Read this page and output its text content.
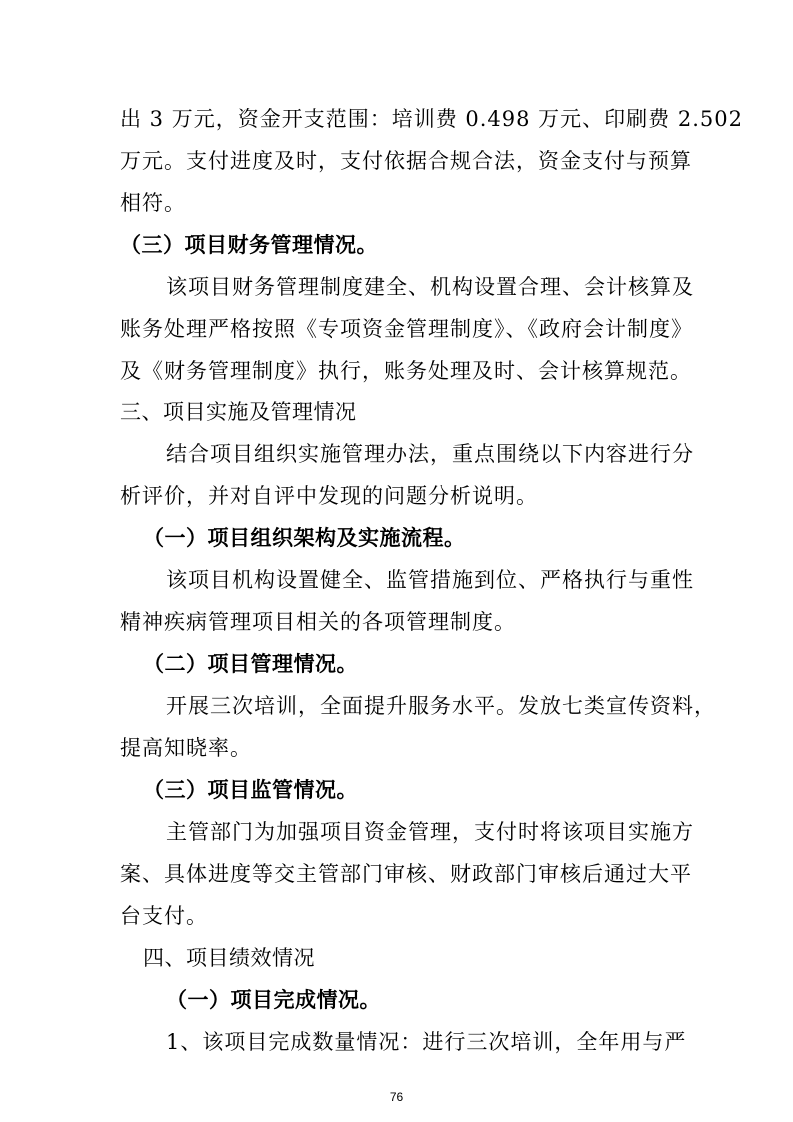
出 3 万元，资金开支范围：培训费 0.498 万元、印刷费 2.502
万元。支付进度及时，支付依据合规合法，资金支付与预算
相符。
（三）项目财务管理情况。
该项目财务管理制度建全、机构设置合理、会计核算及
账务处理严格按照《专项资金管理制度》、《政府会计制度》
及《财务管理制度》执行，账务处理及时、会计核算规范。
三、项目实施及管理情况
结合项目组织实施管理办法，重点围绕以下内容进行分
析评价，并对自评中发现的问题分析说明。
（一）项目组织架构及实施流程。
该项目机构设置健全、监管措施到位、严格执行与重性
精神疾病管理项目相关的各项管理制度。
（二）项目管理情况。
开展三次培训，全面提升服务水平。发放七类宣传资料，
提高知晓率。
（三）项目监管情况。
主管部门为加强项目资金管理，支付时将该项目实施方
案、具体进度等交主管部门审核、财政部门审核后通过大平
台支付。
四、项目绩效情况
（一）项目完成情况。
1、该项目完成数量情况：进行三次培训，全年用与严
76
